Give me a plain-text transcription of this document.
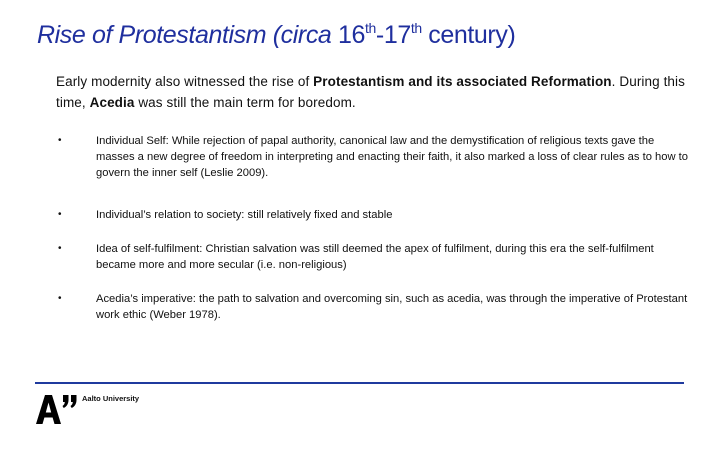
Rise of Protestantism (circa 16th-17th century)
Early modernity also witnessed the rise of Protestantism and its associated Reformation. During this time, Acedia was still the main term for boredom.
•	Individual Self: While rejection of papal authority, canonical law and the demystification of religious texts gave the masses a new degree of freedom in interpreting and enacting their faith, it also marked a loss of clear rules as to how to govern the inner self (Leslie 2009).
•	Individual’s relation to society: still relatively fixed and stable
•	Idea of self-fulfilment: Christian salvation was still deemed the apex of fulfilment, during this era the self-fulfilment became more and more secular (i.e. non-religious)
•	Acedia’s imperative: the path to salvation and overcoming sin, such as acedia, was through the imperative of Protestant work ethic (Weber 1978).
Aalto University
